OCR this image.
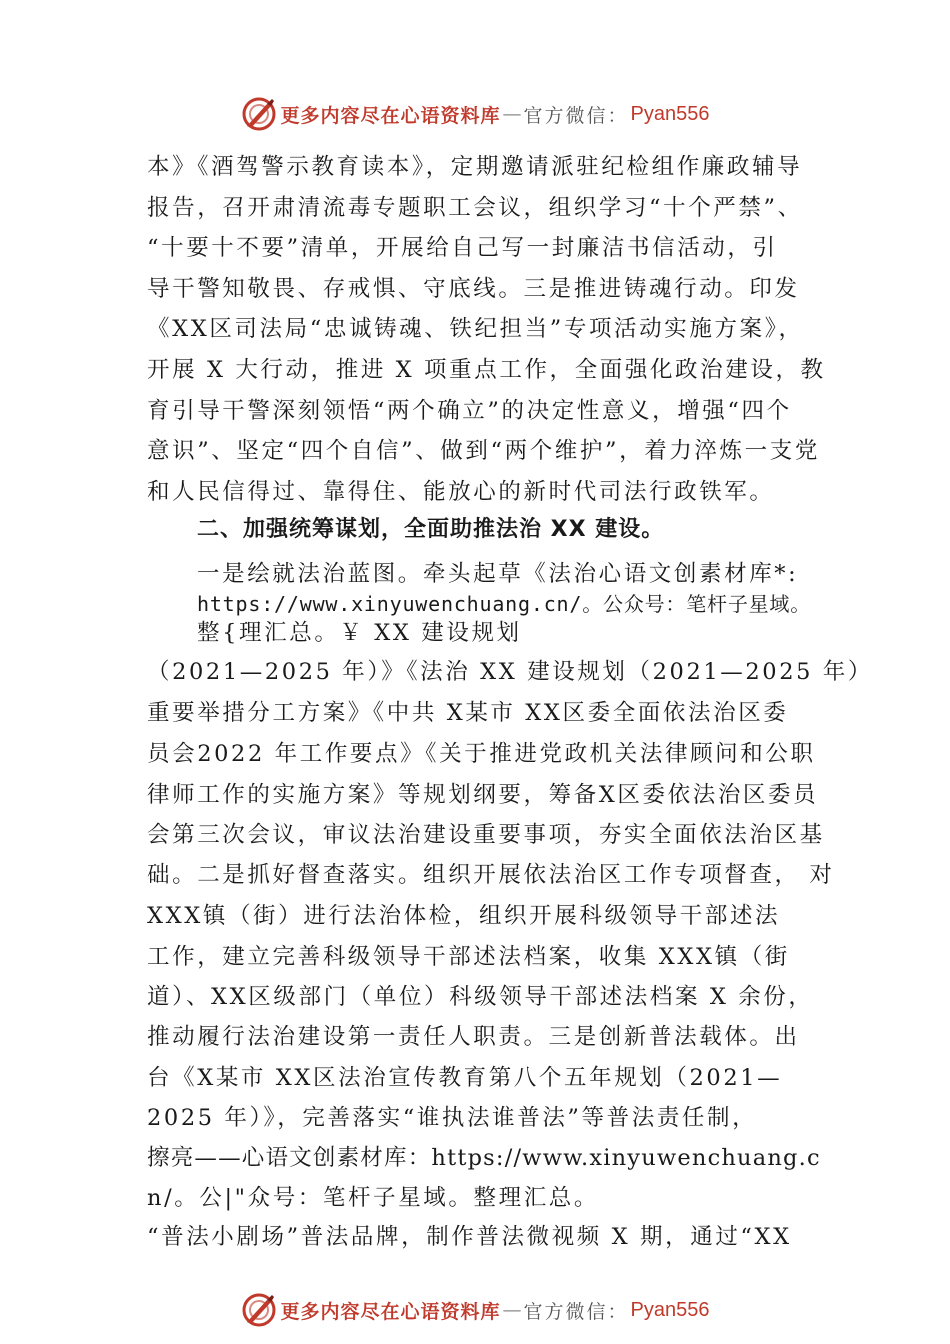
更多内容尽在心语资料库 — 官方微信： Pyan556
本》《酒驾警示教育读本》，定期邀请派驻纪检组作廉政辅导
报告，召开肃清流毒专题职工会议，组织学习“十个严禁”、
“十要十不要”清单，开展给自己写一封廉洁书信活动，引
导干警知敬畏、存戒惧、守底线。三是推进铸魂行动。印发
《XX区司法局“忠诚铸魂、铁纪担当”专项活动实施方案》，
开展 X 大行动，推进 X 项重点工作，全面强化政治建设，教
育引导干警深刻领悟“两个确立”的决定性意义，增强“四个
意识”、坚定“四个自信”、做到“两个维护”，着力淬炼一支党
和人民信得过、靠得住、能放心的新时代司法行政铁军。
二、加强统筹谋划，全面助推法治 XX 建设。
一是绘就法治蓝图。牵头起草《法治心语文创素材库*:
https://www.xinyuwenchuang.cn/。公众号：笔杆子星域。
整{理汇总。￥ XX 建设规划
（2021—2025 年）》《法治 XX 建设规划（2021—2025 年）
重要举措分工方案》《中共 X某市 XX区委全面依法治区委
员会2022 年工作要点》《关于推进党政机关法律顾问和公职
律师工作的实施方案》等规划纲要，筹备X区委依法治区委员
会第三次会议，审议法治建设重要事项，夯实全面依法治区基
础。二是抓好督查落实。组织开展依法治区工作专项督查， 对
XXX镇（街）进行法治体检，组织开展科级领导干部述法
工作，建立完善科级领导干部述法档案，收集 XXX镇（街
道）、XX区级部门（单位）科级领导干部述法档案 X 余份，
推动履行法治建设第一责任人职责。三是创新普法载体。出
台《X某市 XX区法治宣传教育第八个五年规划（2021—
2025 年）》，完善落实“谁执法谁普法”等普法责任制，
擦亮——心语文创素材库：https://www.xinyuwenchuang.c
n/。公|"众号：笔杆子星域。整理汇总。
“普法小剧场”普法品牌，制作普法微视频 X 期，通过“XX
更多内容尽在心语资料库 — 官方微信： Pyan556
